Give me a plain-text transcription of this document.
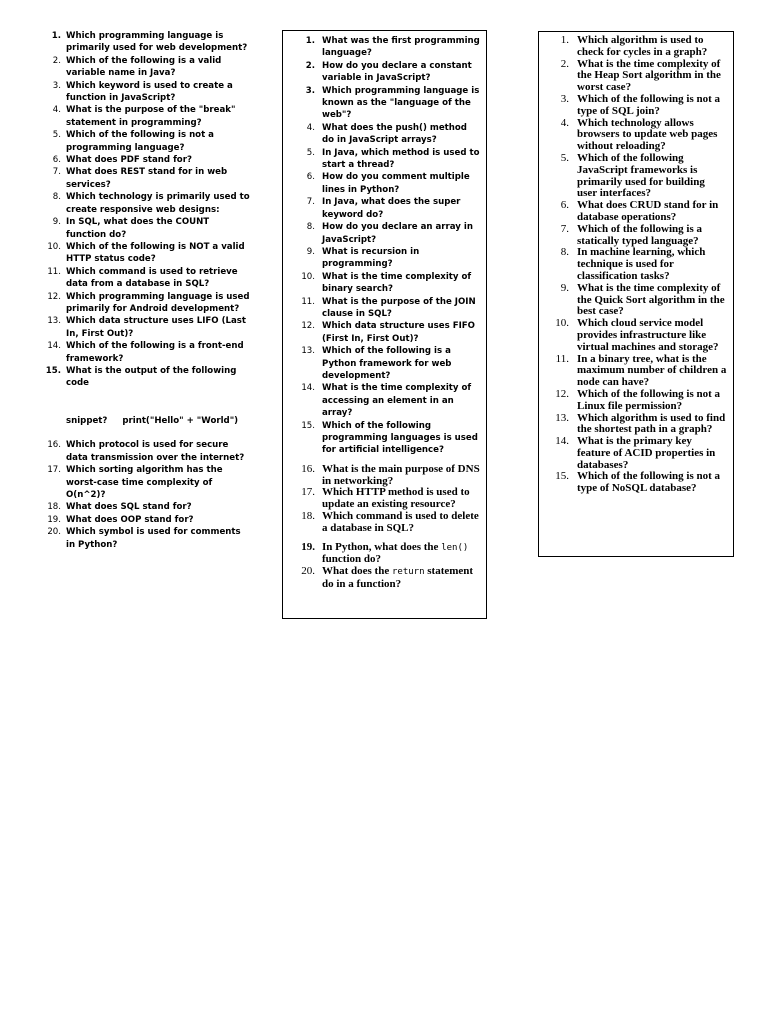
1. Which programming language is primarily used for web development?
2. Which of the following is a valid variable name in Java?
3. Which keyword is used to create a function in JavaScript?
4. What is the purpose of the "break" statement in programming?
5. Which of the following is not a programming language?
6. What does PDF stand for?
7. What does REST stand for in web services?
8. Which technology is primarily used to create responsive web designs:
9. In SQL, what does the COUNT function do?
10. Which of the following is NOT a valid HTTP status code?
11. Which command is used to retrieve data from a database in SQL?
12. Which programming language is used primarily for Android development?
13. Which data structure uses LIFO (Last In, First Out)?
14. Which of the following is a front-end framework?
15. What is the output of the following code
snippet?     print("Hello" + "World")
16. Which protocol is used for secure data transmission over the internet?
17. Which sorting algorithm has the worst-case time complexity of O(n^2)?
18. What does SQL stand for?
19. What does OOP stand for?
20. Which symbol is used for comments in Python?
1. What was the first programming language?
2. How do you declare a constant variable in JavaScript?
3. Which programming language is known as the "language of the web"?
4. What does the push() method do in JavaScript arrays?
5. In Java, which method is used to start a thread?
6. How do you comment multiple lines in Python?
7. In Java, what does the super keyword do?
8. How do you declare an array in JavaScript?
9. What is recursion in programming?
10. What is the time complexity of binary search?
11. What is the purpose of the JOIN clause in SQL?
12. Which data structure uses FIFO (First In, First Out)?
13. Which of the following is a Python framework for web development?
14. What is the time complexity of accessing an element in an array?
15. Which of the following programming languages is used for artificial intelligence?
16. What is the main purpose of DNS in networking?
17. Which HTTP method is used to update an existing resource?
18. Which command is used to delete a database in SQL?
19. In Python, what does the len() function do?
20. What does the return statement do in a function?
1. Which algorithm is used to check for cycles in a graph?
2. What is the time complexity of the Heap Sort algorithm in the worst case?
3. Which of the following is not a type of SQL join?
4. Which technology allows browsers to update web pages without reloading?
5. Which of the following JavaScript frameworks is primarily used for building user interfaces?
6. What does CRUD stand for in database operations?
7. Which of the following is a statically typed language?
8. In machine learning, which technique is used for classification tasks?
9. What is the time complexity of the Quick Sort algorithm in the best case?
10. Which cloud service model provides infrastructure like virtual machines and storage?
11. In a binary tree, what is the maximum number of children a node can have?
12. Which of the following is not a Linux file permission?
13. Which algorithm is used to find the shortest path in a graph?
14. What is the primary key feature of ACID properties in databases?
15. Which of the following is not a type of NoSQL database?
